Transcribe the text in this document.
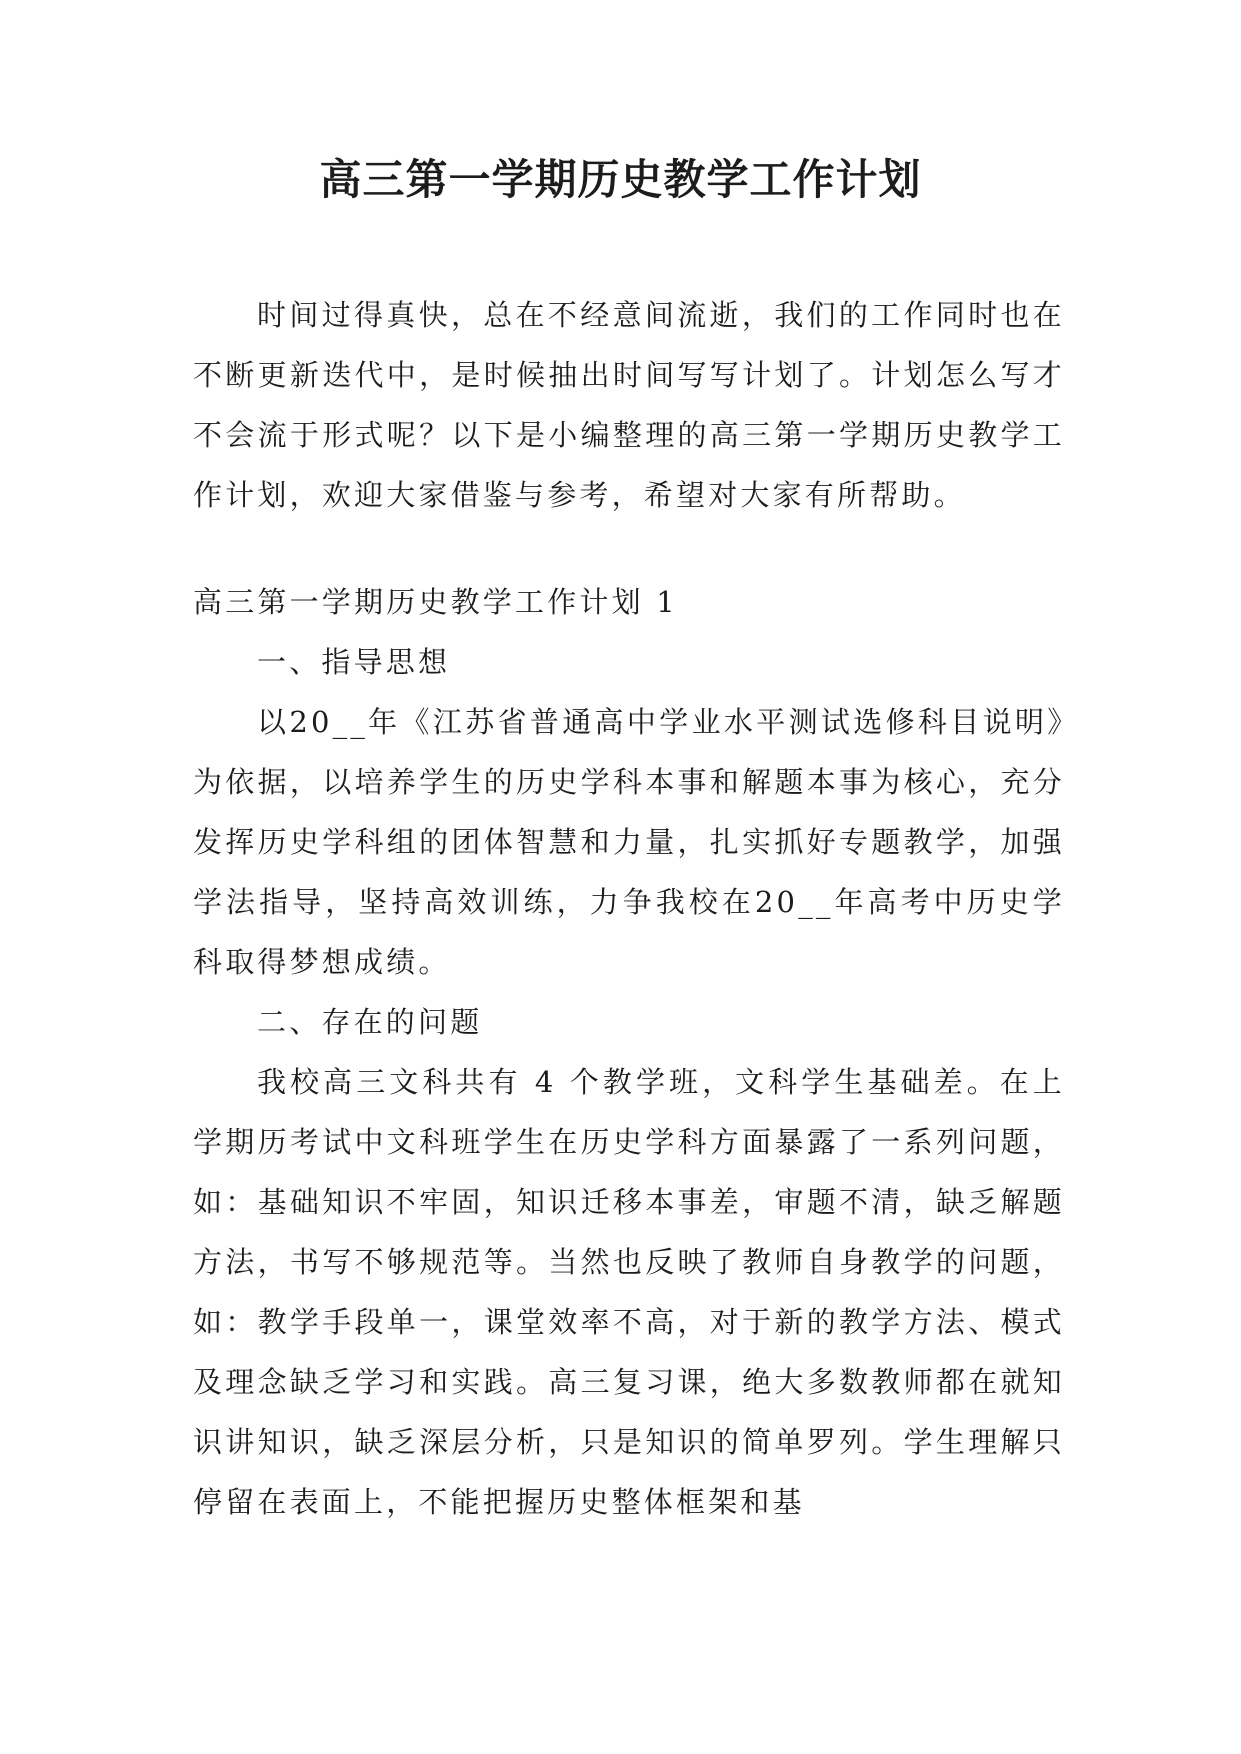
高三第一学期历史教学工作计划

时间过得真快，总在不经意间流逝，我们的工作同时也在不断更新迭代中，是时候抽出时间写写计划了。计划怎么写才不会流于形式呢？以下是小编整理的高三第一学期历史教学工作计划，欢迎大家借鉴与参考，希望对大家有所帮助。

高三第一学期历史教学工作计划 1

一、指导思想

以20__年《江苏省普通高中学业水平测试选修科目说明》为依据，以培养学生的历史学科本事和解题本事为核心，充分发挥历史学科组的团体智慧和力量，扎实抓好专题教学，加强学法指导，坚持高效训练，力争我校在20__年高考中历史学科取得梦想成绩。

二、存在的问题

我校高三文科共有 4 个教学班，文科学生基础差。在上学期历考试中文科班学生在历史学科方面暴露了一系列问题，如：基础知识不牢固，知识迁移本事差，审题不清，缺乏解题方法，书写不够规范等。当然也反映了教师自身教学的问题，如：教学手段单一，课堂效率不高，对于新的教学方法、模式及理念缺乏学习和实践。高三复习课，绝大多数教师都在就知识讲知识，缺乏深层分析，只是知识的简单罗列。学生理解只停留在表面上，不能把握历史整体框架和基
